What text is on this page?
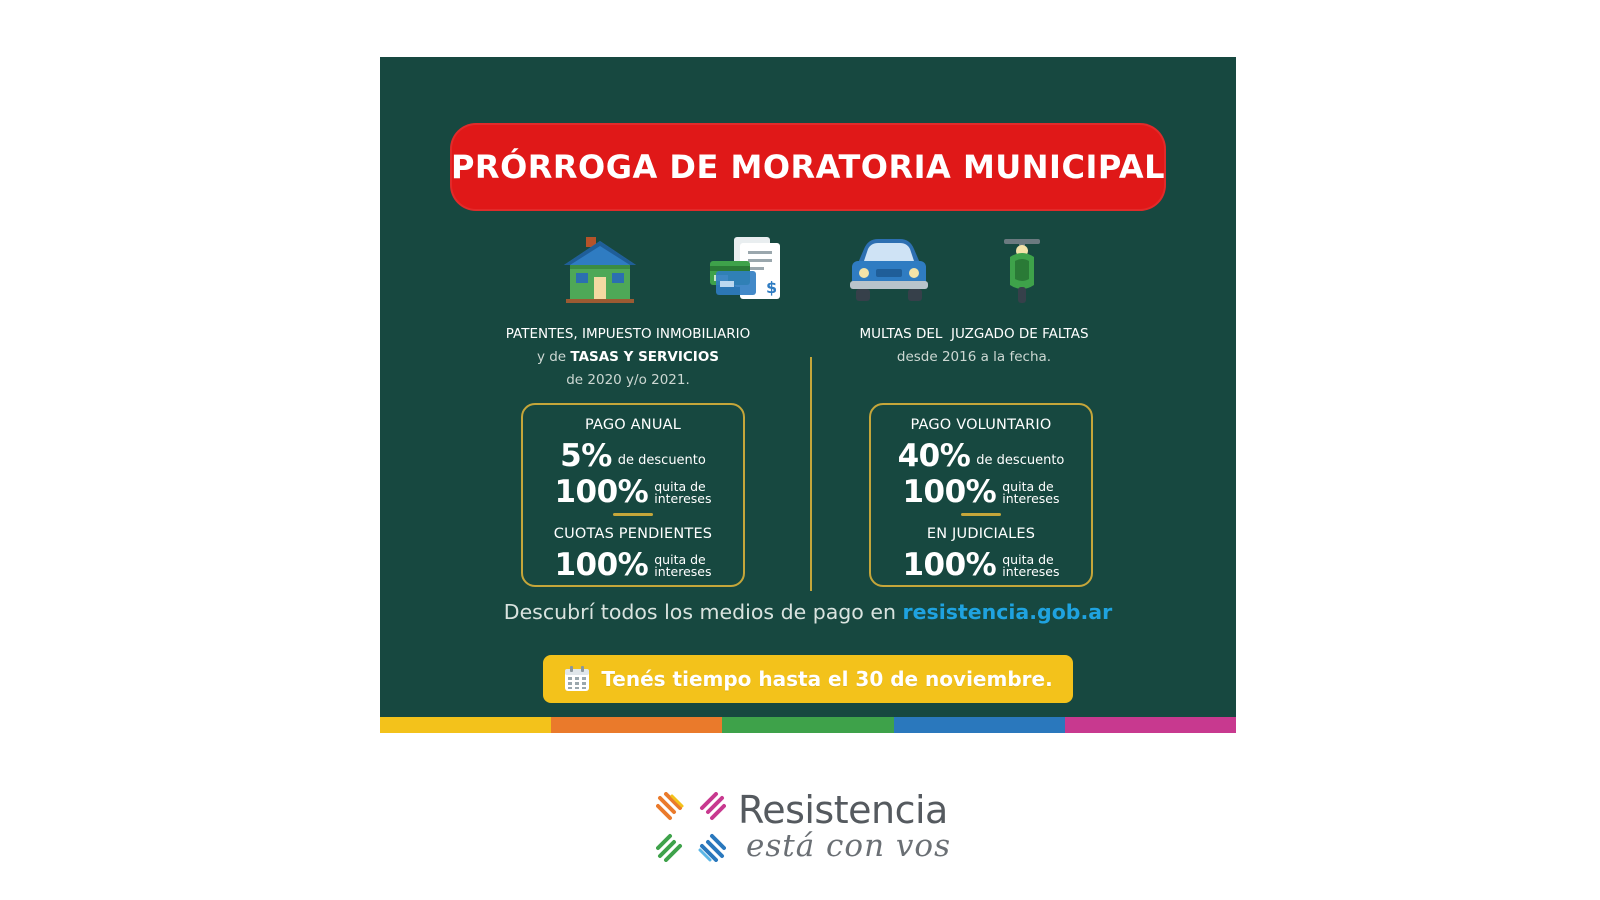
PRÓRROGA DE MORATORIA MUNICIPAL
$
PATENTES, IMPUESTO INMOBILIARIO
y de TASAS Y SERVICIOS
de 2020 y/o 2021.
MULTAS DEL  JUZGADO DE FALTAS
desde 2016 a la fecha.
PAGO ANUAL
5% de descuento
100% quita de
intereses
CUOTAS PENDIENTES
100% quita de
intereses
PAGO VOLUNTARIO
40% de descuento
100% quita de
intereses
EN JUDICIALES
100% quita de
intereses
Descubrí todos los medios de pago en resistencia.gob.ar
Tenés tiempo hasta el 30 de noviembre.
Resistencia
está con vos
